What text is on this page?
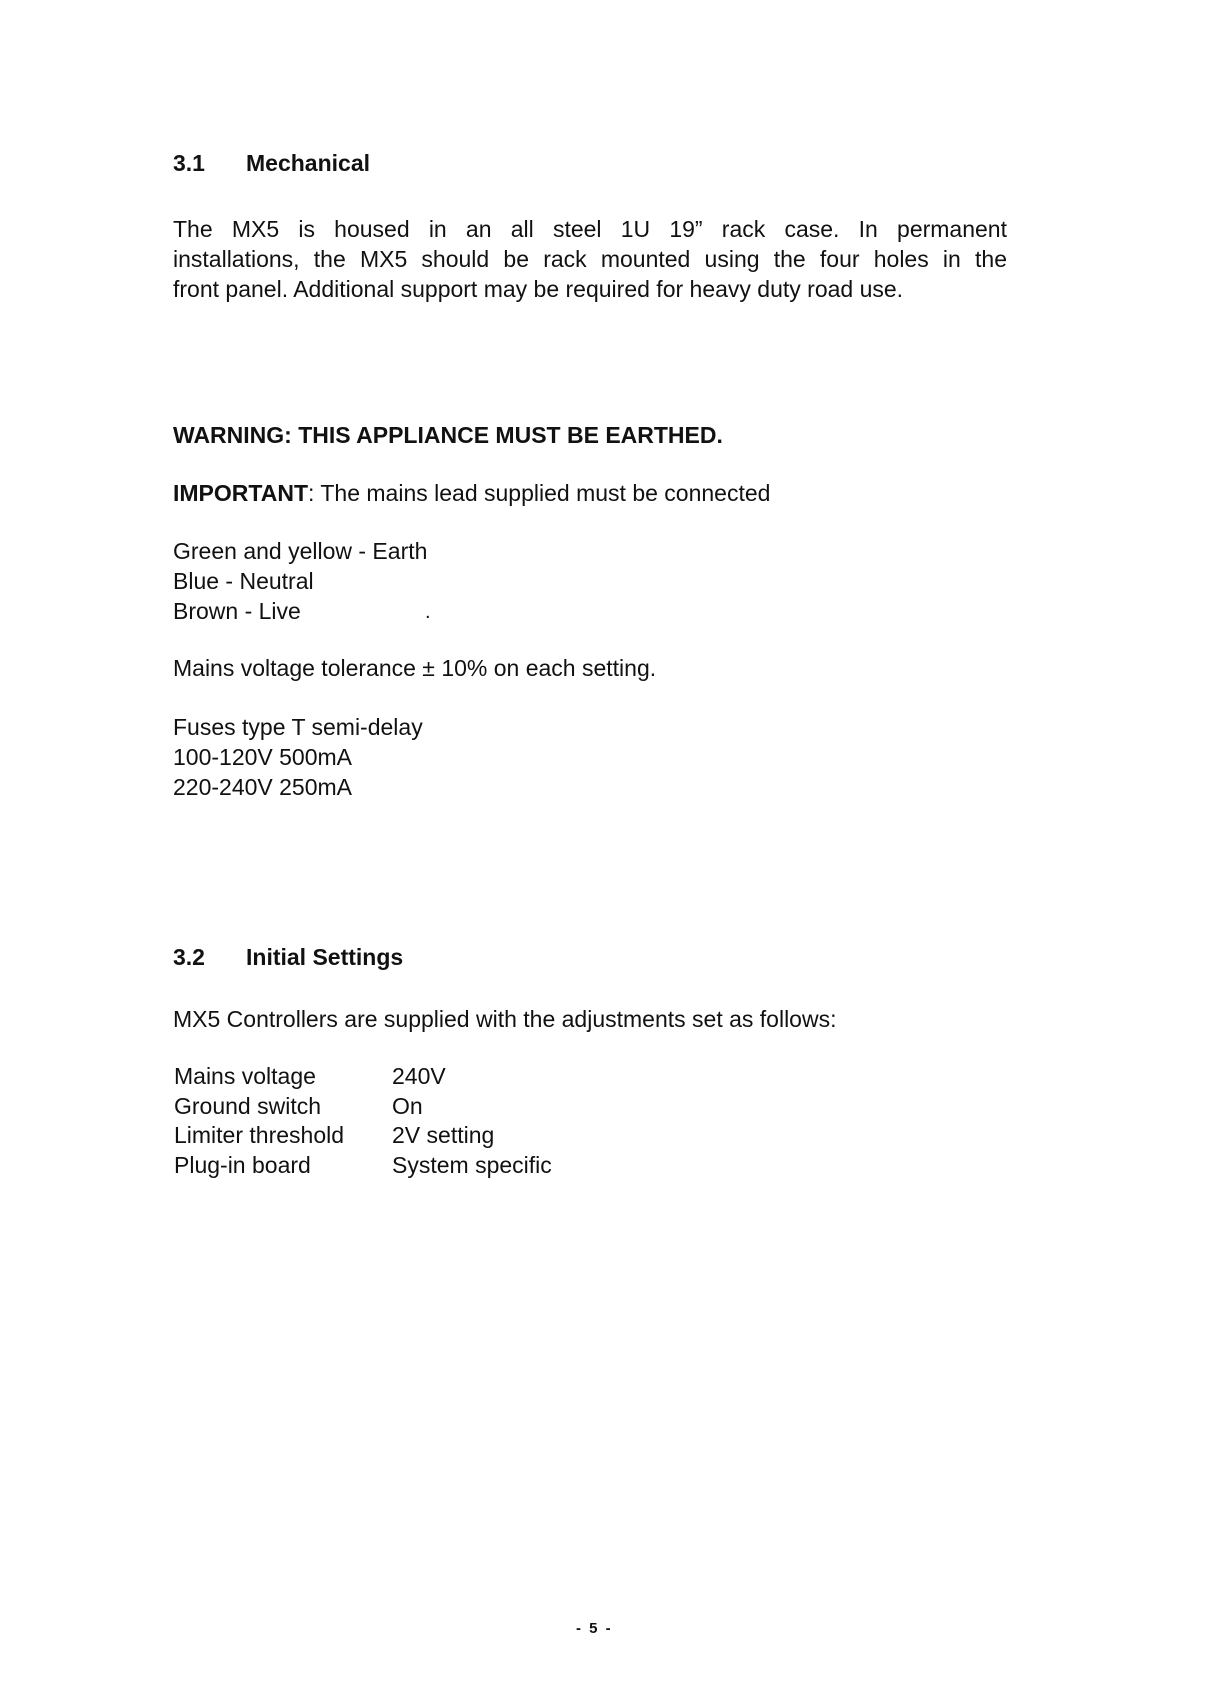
3.1 Mechanical
The MX5 is housed in an all steel 1U 19” rack case. In permanent
installations, the MX5 should be rack mounted using the four holes in the
front panel. Additional support may be required for heavy duty road use.
WARNING: THIS APPLIANCE MUST BE EARTHED.
IMPORTANT: The mains lead supplied must be connected
Green and yellow - Earth
Blue - Neutral
Brown - Live	.
Mains voltage tolerance ± 10% on each setting.
Fuses type T semi-delay
100-120V 500mA
220-240V 250mA
3.2 Initial Settings
MX5 Controllers are supplied with the adjustments set as follows:
Mains voltage	240V
Ground switch	On
Limiter threshold	2V setting
Plug-in board	System specific
- 5 -
